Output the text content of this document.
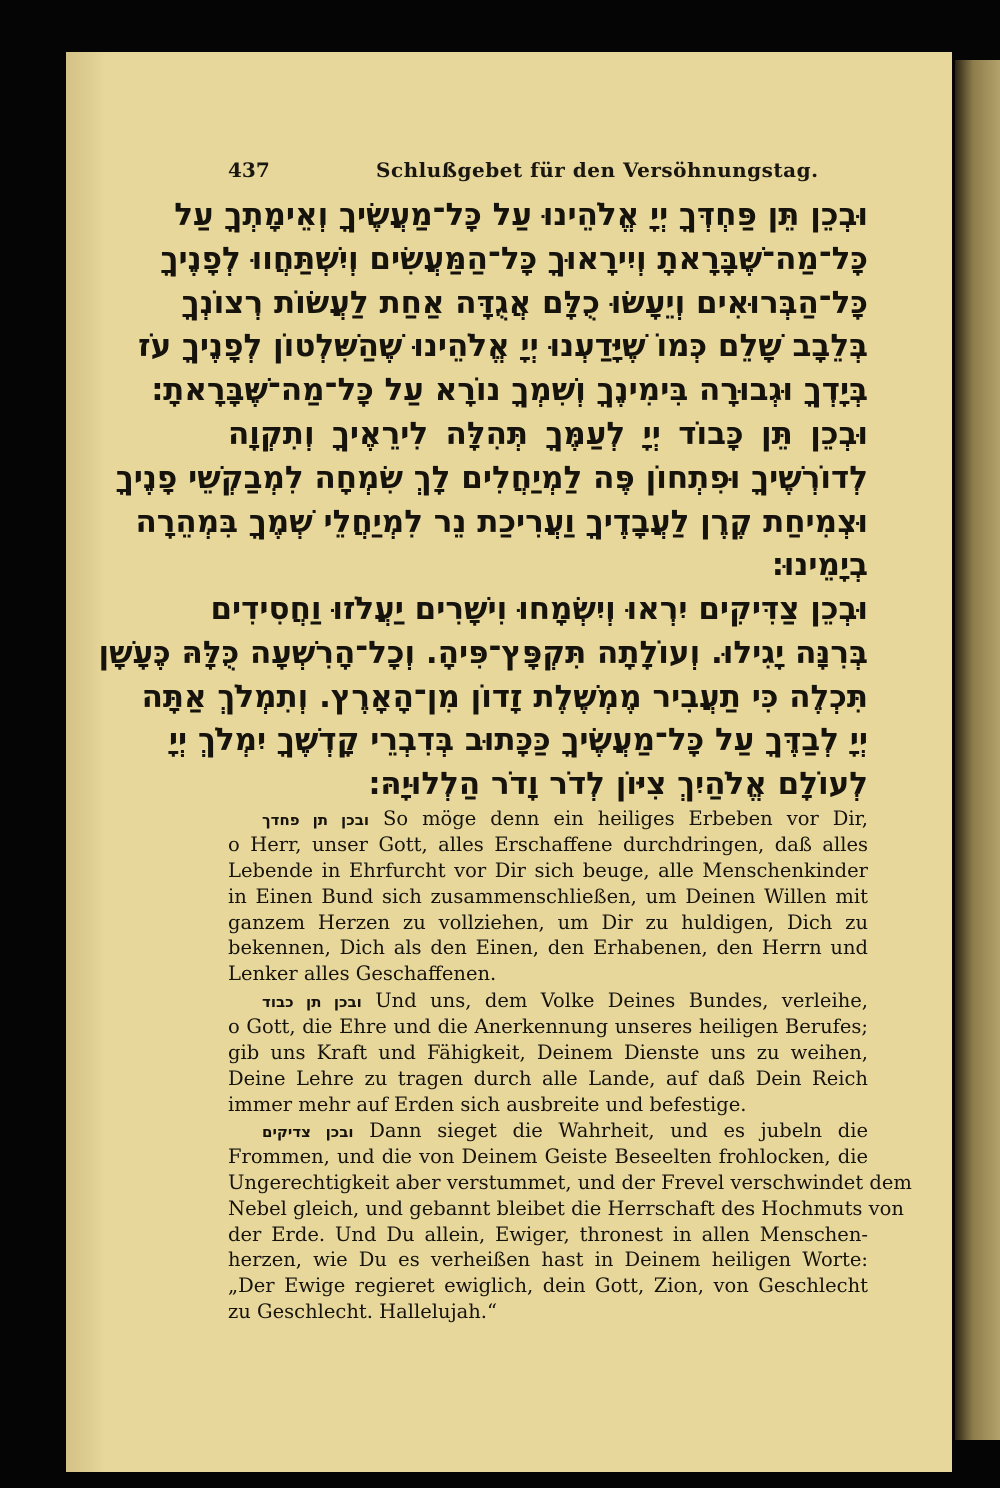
437	Schlußgebet für den Versöhnungstag.
וּבְכֵן תֵּן פַּחְדְּךָ יְיָ אֱלֹהֵינוּ עַל כָּל־מַעֲשֶׂיךָ וְאֵימָתְךָ עַל
כָּל־מַה־שֶּׁבָּרָאתָ וְיִירָאוּךָ כָּל־הַמַּעֲשִׂים וְיִשְׁתַּחֲווּ לְפָנֶיךָ
כָּל־הַבְּרוּאִים וְיֵעָשׂוּ כֻלָּם אֲגֻדָּה אַחַת לַעֲשׂוֹת רְצוֹנְךָ
בְּלֵבָב שָׁלֵם כְּמוֹ שֶׁיָּדַעְנוּ יְיָ אֱלֹהֵינוּ שֶׁהַשִּׁלְטוֹן לְפָנֶיךָ עֹז
בְּיָדְךָ וּגְבוּרָה בִּימִינֶךָ וְשִׁמְךָ נוֹרָא עַל כָּל־מַה־שֶּׁבָּרָאתָ׃
וּבְכֵן תֵּן כָּבוֹד יְיָ לְעַמֶּךָ תְּהִלָּה לִירֵאֶיךָ וְתִקְוָה
לְדוֹרְשֶׁיךָ וּפִתְחוֹן פֶּה לַמְיַחֲלִים לָךְ שִׂמְחָה לִמְבַקְשֵׁי פָנֶיךָ
וּצְמִיחַת קֶרֶן לַעֲבָדֶיךָ וַעֲרִיכַת נֵר לִמְיַחֲלֵי שְׁמֶךָ בִּמְהֵרָה
בְיָמֵינוּ׃
וּבְכֵן צַדִּיקִים יִרְאוּ וְיִשְׂמָחוּ וִישָׁרִים יַעֲלֹזוּ וַחֲסִידִים
בְּרִנָּה יָגִילוּ. וְעוֹלָתָה תִּקְפָּץ־פִּיהָ. וְכָל־הָרִשְׁעָה כֻּלָּהּ כֶּעָשָׁן
תִּכְלֶה כִּי תַעֲבִיר מֶמְשֶׁלֶת זָדוֹן מִן־הָאָרֶץ. וְתִמְלֹךְ אַתָּה
יְיָ לְבַדֶּךָ עַל כָּל־מַעֲשֶׂיךָ כַּכָּתוּב בְּדִבְרֵי קָדְשֶׁךָ יִמְלֹךְ יְיָ
לְעוֹלָם אֱלֹהַיִךְ צִיּוֹן לְדֹר וָדֹר הַלְלוּיָהּ׃
ובכן תן פחדך So möge denn ein heiliges Erbeben vor Dir,
o Herr, unser Gott, alles Erschaffene durchdringen, daß alles
Lebende in Ehrfurcht vor Dir sich beuge, alle Menschenkinder
in Einen Bund sich zusammenschließen, um Deinen Willen mit
ganzem Herzen zu vollziehen, um Dir zu huldigen, Dich zu
bekennen, Dich als den Einen, den Erhabenen, den Herrn und
Lenker alles Geschaffenen.
ובכן תן כבוד Und uns, dem Volke Deines Bundes, verleihe,
o Gott, die Ehre und die Anerkennung unseres heiligen Berufes;
gib uns Kraft und Fähigkeit, Deinem Dienste uns zu weihen,
Deine Lehre zu tragen durch alle Lande, auf daß Dein Reich
immer mehr auf Erden sich ausbreite und befestige.
ובכן צדיקים Dann sieget die Wahrheit, und es jubeln die
Frommen, und die von Deinem Geiste Beseelten frohlocken, die
Ungerechtigkeit aber verstummet, und der Frevel verschwindet dem
Nebel gleich, und gebannt bleibet die Herrschaft des Hochmuts von
der Erde. Und Du allein, Ewiger, thronest in allen Menschen-
herzen, wie Du es verheißen hast in Deinem heiligen Worte:
„Der Ewige regieret ewiglich, dein Gott, Zion, von Geschlecht
zu Geschlecht. Hallelujah.“
